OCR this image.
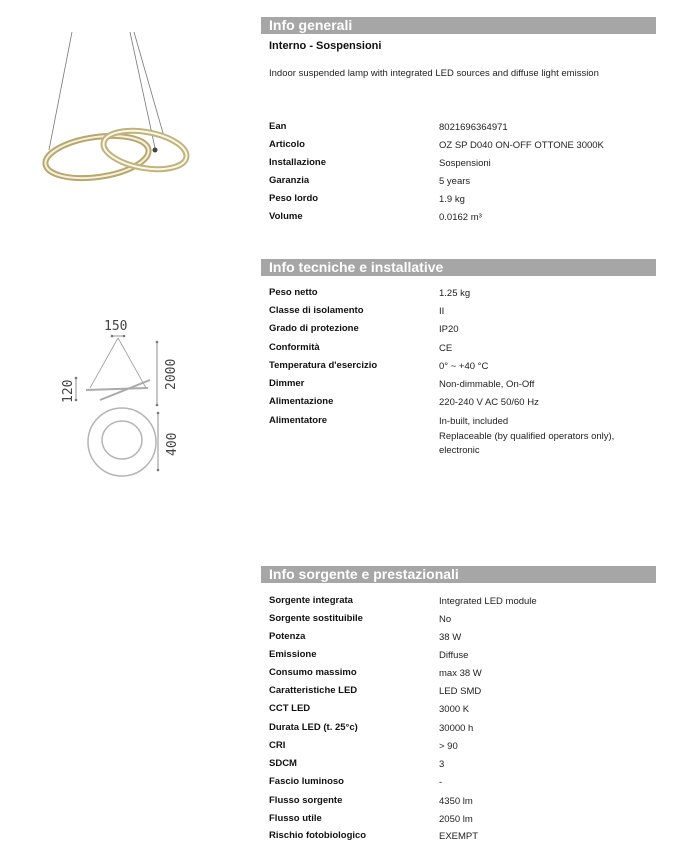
150
2000
120
400
Info generali
Interno - Sospensioni
Indoor suspended lamp with integrated LED sources and diffuse light emission
Ean	8021696364971
Articolo	OZ SP D040 ON-OFF OTTONE 3000K
Installazione	Sospensioni
Garanzia	5 years
Peso lordo	1.9 kg
Volume	0.0162 m³
Info tecniche e installative
Peso netto	1.25 kg
Classe di isolamento	II
Grado di protezione	IP20
Conformità	CE
Temperatura d'esercizio	0° ~ +40 °C
Dimmer	Non-dimmable, On-Off
Alimentazione	220-240 V AC 50/60 Hz
Alimentatore	In-built, included
Replaceable (by qualified operators only), electronic
Info sorgente e prestazionali
Sorgente integrata	Integrated LED module
Sorgente sostituibile	No
Potenza	38 W
Emissione	Diffuse
Consumo massimo	max 38 W
Caratteristiche LED	LED SMD
CCT LED	3000 K
Durata LED (t. 25°c)	30000 h
CRI	> 90
SDCM	3
Fascio luminoso	-
Flusso sorgente	4350 lm
Flusso utile	2050 lm
Rischio fotobiologico	EXEMPT
